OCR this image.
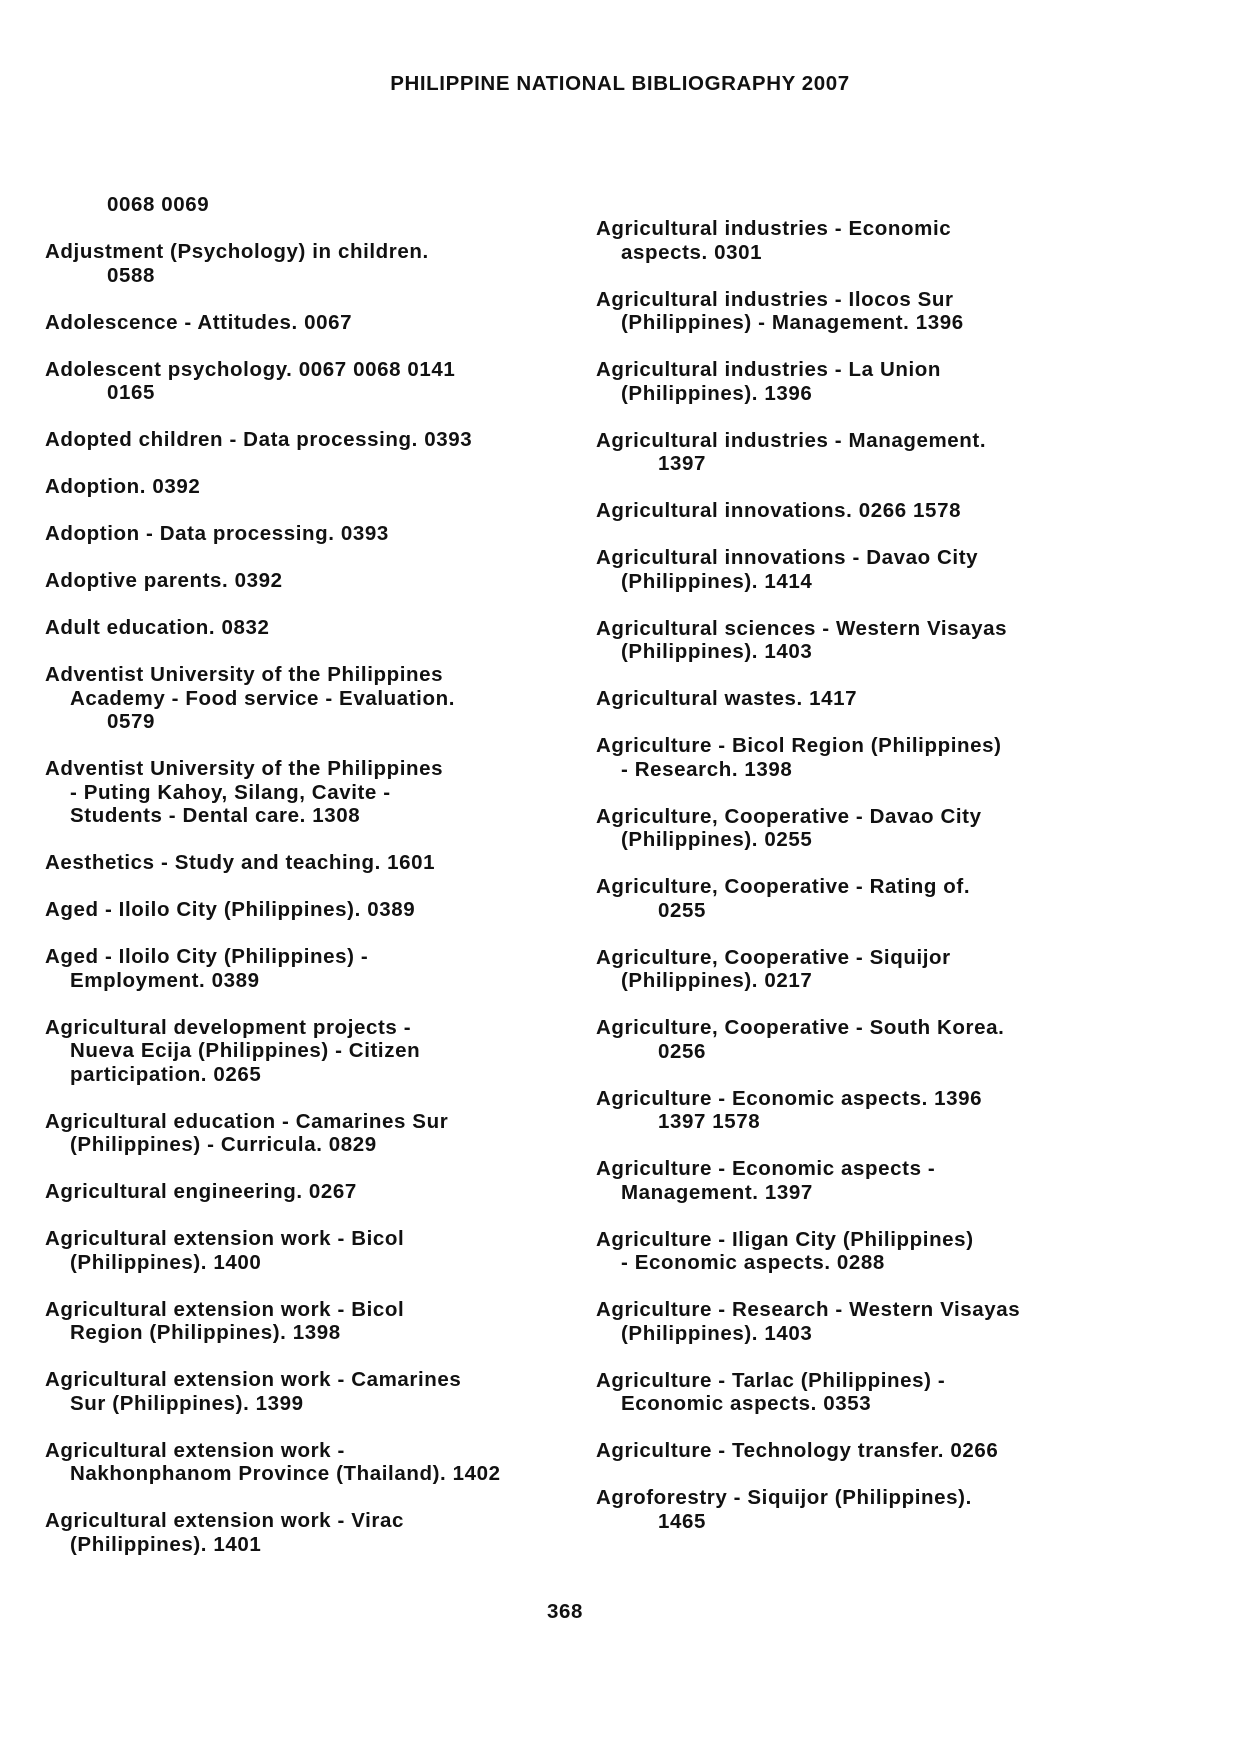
PHILIPPINE NATIONAL BIBLIOGRAPHY 2007
0068 0069
Adjustment (Psychology) in children.
0588
Adolescence - Attitudes. 0067
Adolescent psychology. 0067 0068 0141
0165
Adopted children - Data processing. 0393
Adoption. 0392
Adoption - Data processing. 0393
Adoptive parents. 0392
Adult education. 0832
Adventist University of the Philippines
Academy - Food service - Evaluation.
0579
Adventist University of the Philippines
- Puting Kahoy, Silang, Cavite -
Students - Dental care. 1308
Aesthetics - Study and teaching. 1601
Aged - Iloilo City (Philippines). 0389
Aged - Iloilo City (Philippines) -
Employment. 0389
Agricultural development projects -
Nueva Ecija (Philippines) - Citizen
participation. 0265
Agricultural education - Camarines Sur
(Philippines) - Curricula. 0829
Agricultural engineering. 0267
Agricultural extension work - Bicol
(Philippines). 1400
Agricultural extension work - Bicol
Region (Philippines). 1398
Agricultural extension work - Camarines
Sur (Philippines). 1399
Agricultural extension work -
Nakhonphanom Province (Thailand). 1402
Agricultural extension work - Virac
(Philippines). 1401
Agricultural industries - Economic
aspects. 0301
Agricultural industries - Ilocos Sur
(Philippines) - Management. 1396
Agricultural industries - La Union
(Philippines). 1396
Agricultural industries - Management.
1397
Agricultural innovations. 0266 1578
Agricultural innovations - Davao City
(Philippines). 1414
Agricultural sciences - Western Visayas
(Philippines). 1403
Agricultural wastes. 1417
Agriculture - Bicol Region (Philippines)
- Research. 1398
Agriculture, Cooperative - Davao City
(Philippines). 0255
Agriculture, Cooperative - Rating of.
0255
Agriculture, Cooperative - Siquijor
(Philippines). 0217
Agriculture, Cooperative - South Korea.
0256
Agriculture - Economic aspects. 1396
1397 1578
Agriculture - Economic aspects -
Management. 1397
Agriculture - Iligan City (Philippines)
- Economic aspects. 0288
Agriculture - Research - Western Visayas
(Philippines). 1403
Agriculture - Tarlac (Philippines) -
Economic aspects. 0353
Agriculture - Technology transfer. 0266
Agroforestry - Siquijor (Philippines).
1465
368
